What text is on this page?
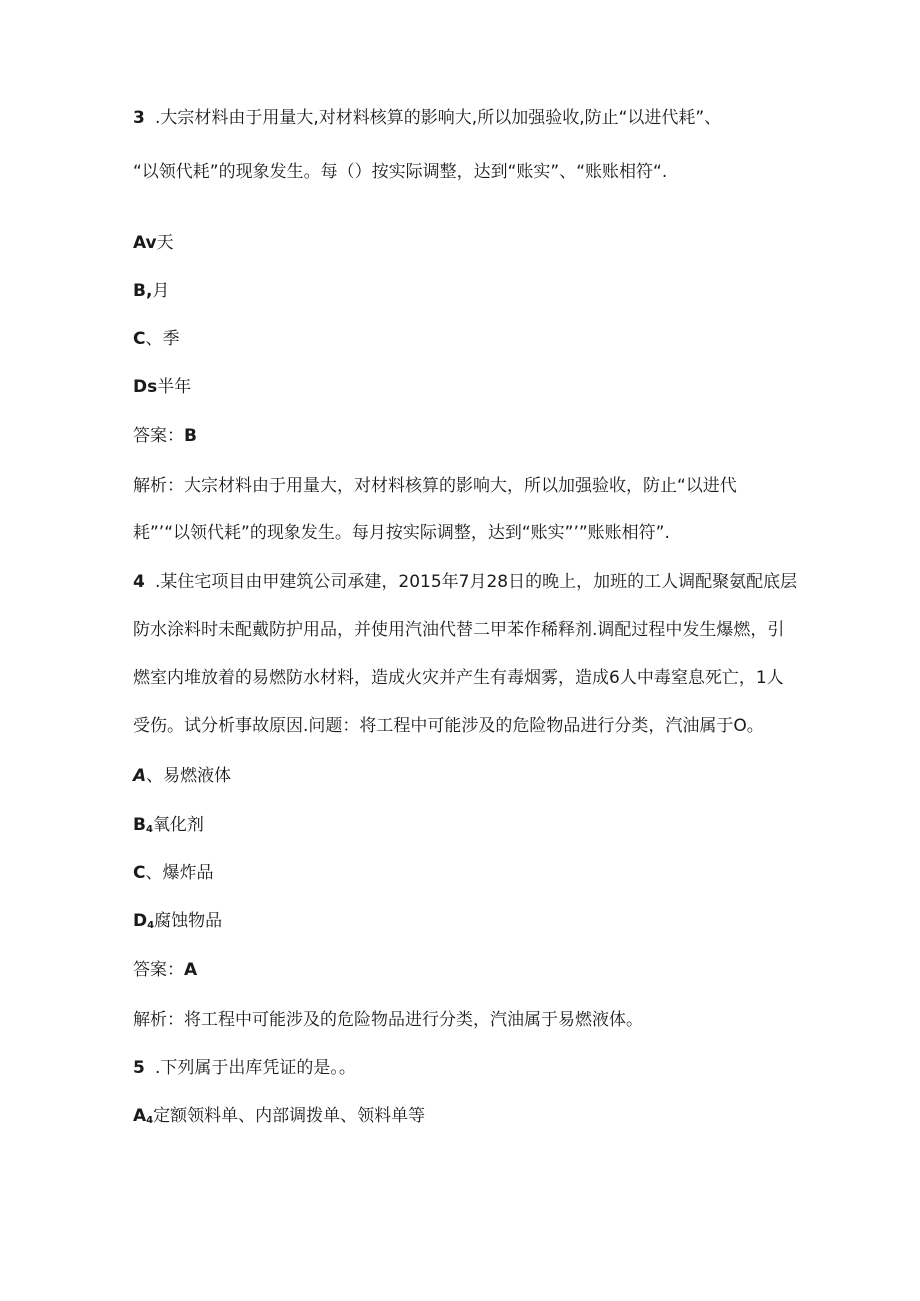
3 .大宗材料由于用量大,对材料核算的影响大,所以加强验收,防止“以进代耗”、
“以领代耗”的现象发生。每（）按实际调整，达到“账实”、“账账相符“.
Av天
B,月
C、季
Ds半年
答案：B
解析：大宗材料由于用量大，对材料核算的影响大，所以加强验收，防止“以进代
耗”’“以领代耗”的现象发生。每月按实际调整，达到“账实”’”账账相符”.
4 .某住宅项目由甲建筑公司承建，2015年7月28日的晚上，加班的工人调配聚氨配底层
防水涂料时未配戴防护用品，并使用汽油代替二甲苯作稀释剂.调配过程中发生爆燃，引
燃室内堆放着的易燃防水材料，造成火灾并产生有毒烟雾，造成6人中毒窒息死亡，1人
受伤。试分析事故原因.问题：将工程中可能涉及的危险物品进行分类，汽油属于O。
A、易燃液体
$B_4$氧化剂
C、爆炸品
$D_4$腐蚀物品
答案：A
解析：将工程中可能涉及的危险物品进行分类，汽油属于易燃液体。
5 .下列属于出库凭证的是。。
$A_4$定额领料单、内部调拨单、领料单等
